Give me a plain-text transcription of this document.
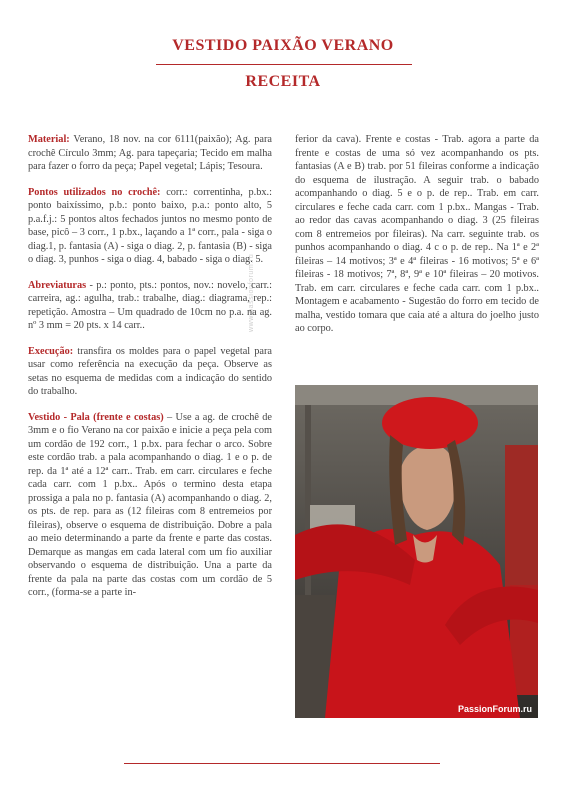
VESTIDO PAIXÃO VERANO
RECEITA
www.passionforum.ru

Material: Verano, 18 nov. na cor 6111(paixão); Ag. para crochê Círculo 3mm; Ag. para tapeçaria; Tecido em malha para fazer o forro da peça; Papel vegetal; Lápis; Tesoura.

Pontos utilizados no crochê: corr.: correntinha, p.bx.: ponto baixíssimo, p.b.: ponto baixo, p.a.: ponto alto, 5 p.a.f.j.: 5 pontos altos fechados juntos no mesmo ponto de base, picô – 3 corr., 1 p.bx., laçando a 1ª corr., pala - siga o diag.1, p. fantasia (A) - siga o diag. 2, p. fantasia (B) - siga o diag. 3, punhos - siga o diag. 4, babado - siga o diag. 5.

Abreviaturas - p.: ponto, pts.: pontos, nov.: novelo, carr.: carreira, ag.: agulha, trab.: trabalhe, diag.: diagrama, rep.: repetição. Amostra – Um quadrado de 10cm no p.a. na ag. nº 3 mm = 20 pts. x 14 carr..

Execução: transfira os moldes para o papel vegetal para usar como referência na execução da peça. Observe as setas no esquema de medidas com a indicação do sentido do trabalho.

Vestido - Pala (frente e costas) – Use a ag. de crochê de 3mm e o fio Verano na cor paixão e inicie a peça pela com um cordão de 192 corr., 1 p.bx. para fechar o arco. Sobre este cordão trab. a pala acompanhando o diag. 1 e o p. de rep. da 1ª até a 12ª carr.. Trab. em carr. circulares e feche cada carr. com 1 p.bx.. Após o termino desta etapa prossiga a pala no p. fantasia (A) acompanhando o diag. 2, os pts. de rep. para as (12 fileiras com 8 entremeios por fileiras), observe o esquema de distribuição. Dobre a pala ao meio determinando a parte da frente e parte das costas. Demarque as mangas em cada lateral com um fio auxiliar observando o esquema de distribuição. Una a parte da frente da pala na parte das costas com um cordão de 5 corr., (forma-se a parte in-

ferior da cava). Frente e costas - Trab. agora a parte da frente e costas de uma só vez acompanhando os pts. fantasias (A e B) trab. por 51 fileiras conforme a indicação do esquema de ilustração. A seguir trab. o babado acompanhando o diag. 5 e o p. de rep.. Trab. em carr. circulares e feche cada carr. com 1 p.bx.. Mangas - Trab. ao redor das cavas acompanhando o diag. 3 (25 fileiras com 8 entremeios por fileiras). Na carr. seguinte trab. os punhos acompanhando o diag. 4 c o p. de rep.. Na 1ª e 2ª fileiras – 14 motivos; 3ª e 4ª fileiras - 16 motivos; 5ª e 6ª fileiras - 18 motivos; 7ª, 8ª, 9ª e 10ª fileiras – 20 motivos. Trab. em carr. circulares e feche cada carr. com 1 p.bx.. Montagem e acabamento - Sugestão do forro em tecido de malha, vestido tomara que caia até a altura do joelho justo ao corpo.

PassionForum.ru
